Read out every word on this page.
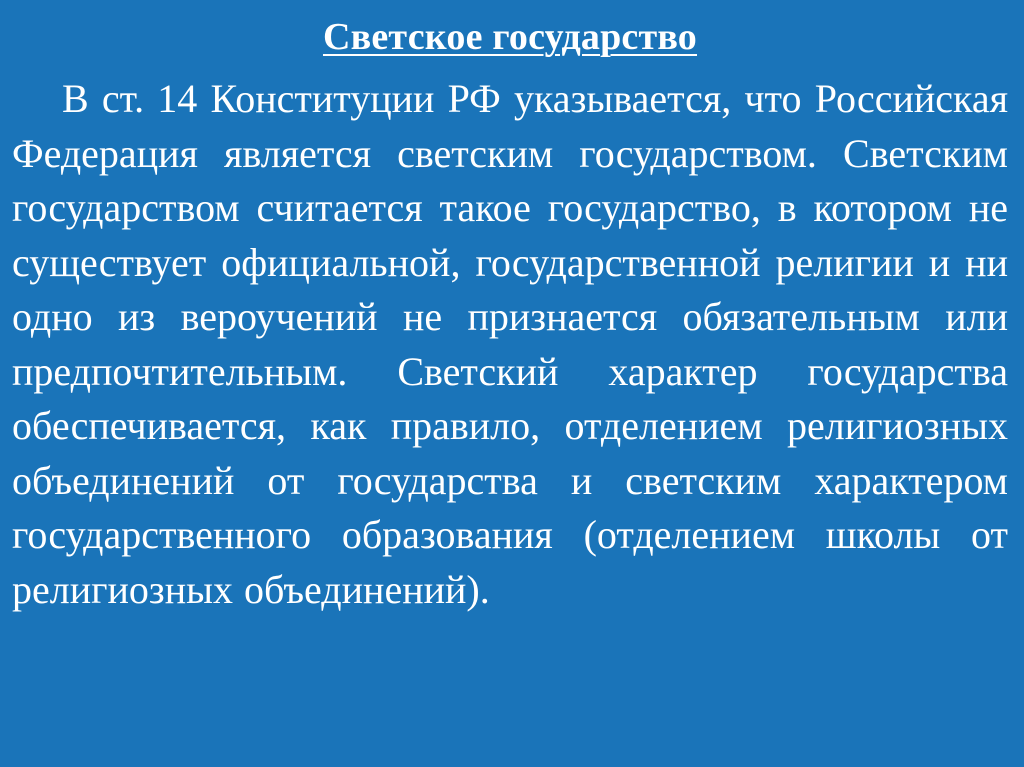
Светское государство

В ст. 14 Конституции РФ указывается, что Российская Федерация является светским государством. Светским государством считается такое государство, в котором не существует официальной, государственной религии и ни одно из вероучений не признается обязательным или предпочтительным. Светский характер государства обеспечивается, как правило, отделением религиозных объединений от государства и светским характером государственного образования (отделением школы от религиозных объединений).
